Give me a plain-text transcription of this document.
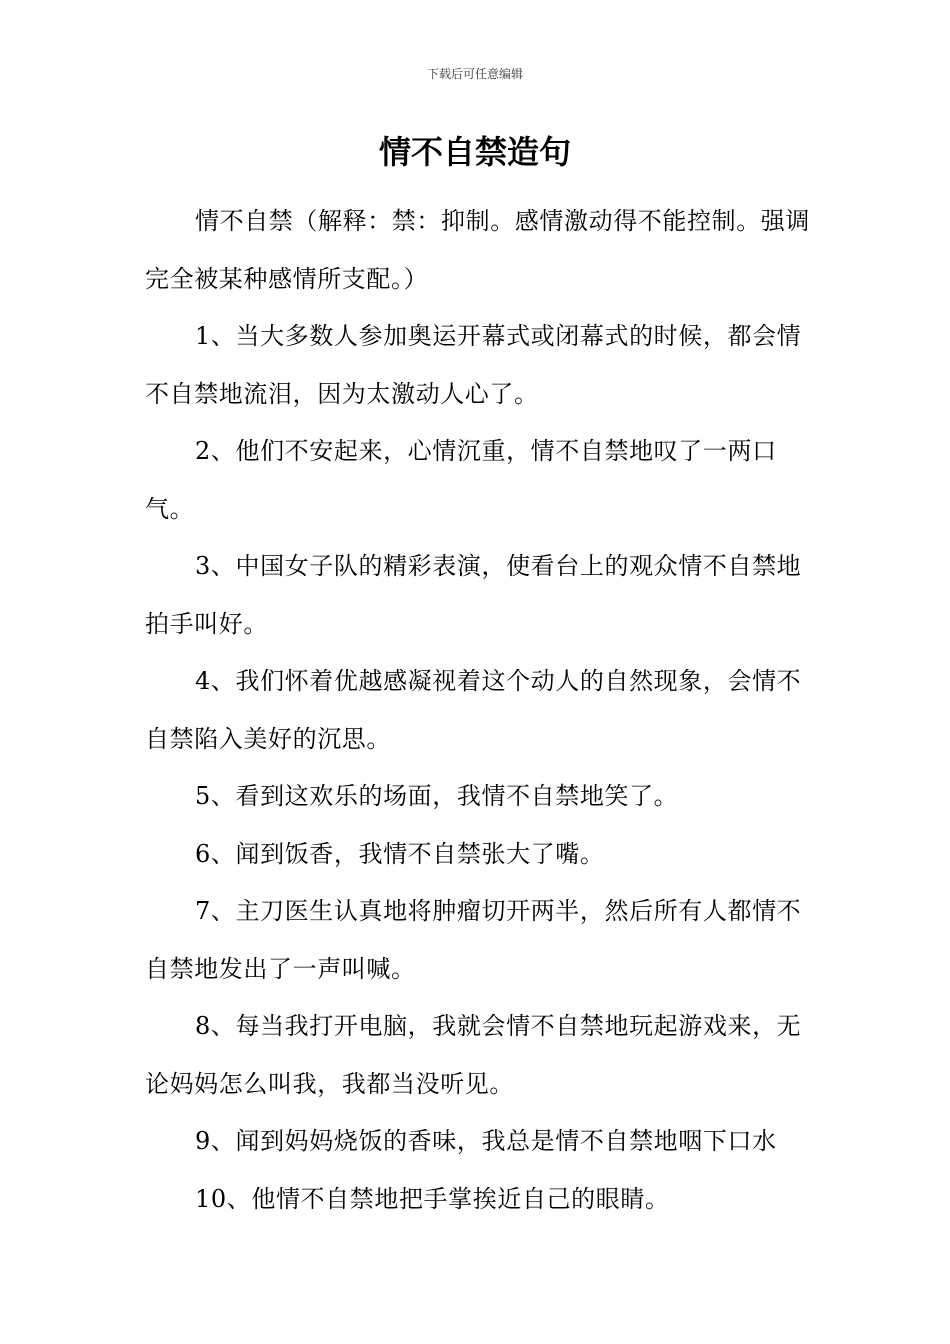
下载后可任意编辑
情不自禁造句

情不自禁（解释：禁：抑制。感情激动得不能控制。强调完全被某种感情所支配。）

1、当大多数人参加奥运开幕式或闭幕式的时候，都会情不自禁地流泪，因为太激动人心了。

2、他们不安起来，心情沉重，情不自禁地叹了一两口气。

3、中国女子队的精彩表演，使看台上的观众情不自禁地拍手叫好。

4、我们怀着优越感凝视着这个动人的自然现象，会情不自禁陷入美好的沉思。

5、看到这欢乐的场面，我情不自禁地笑了。

6、闻到饭香，我情不自禁张大了嘴。

7、主刀医生认真地将肿瘤切开两半，然后所有人都情不自禁地发出了一声叫喊。

8、每当我打开电脑，我就会情不自禁地玩起游戏来，无论妈妈怎么叫我，我都当没听见。

9、闻到妈妈烧饭的香味，我总是情不自禁地咽下口水

10、他情不自禁地把手掌挨近自己的眼睛。
